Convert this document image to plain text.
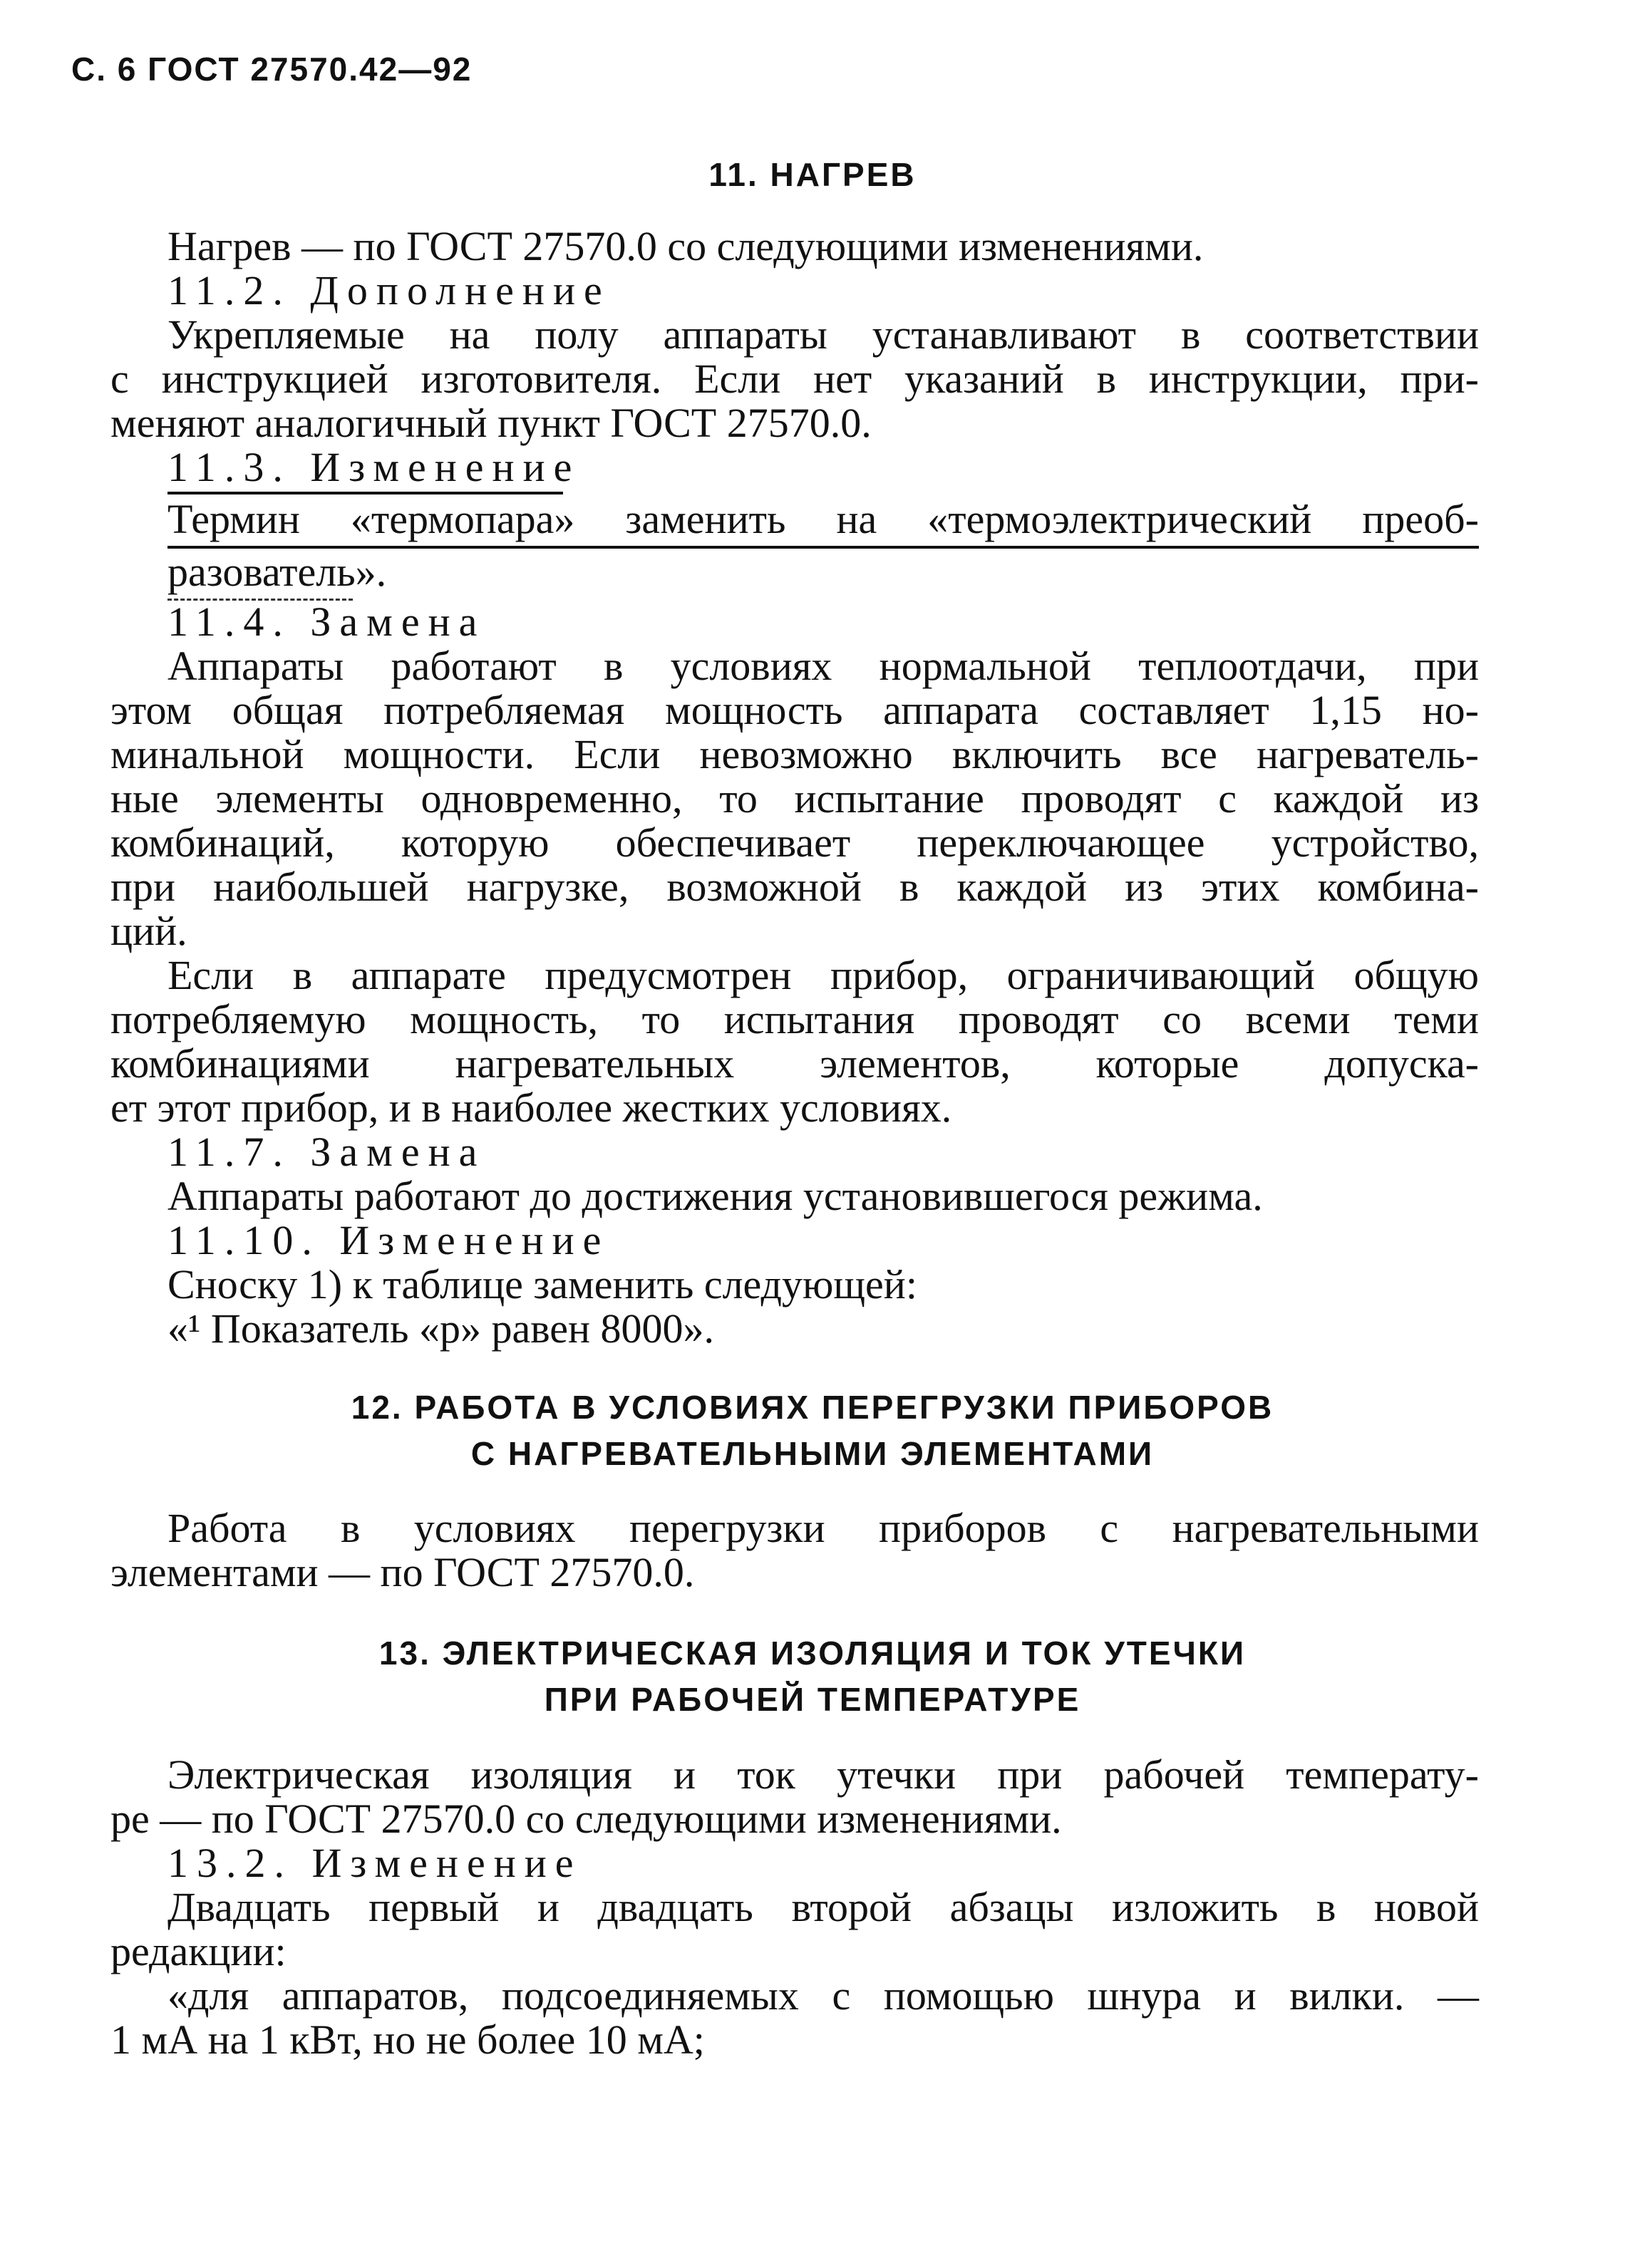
С. 6 ГОСТ 27570.42—92
11. НАГРЕВ
Нагрев — по ГОСТ 27570.0 со следующими изменениями.
11.2. Дополнение
Укрепляемые на полу аппараты устанавливают в соответствии
с инструкцией изготовителя. Если нет указаний в инструкции, при-
меняют аналогичный пункт ГОСТ 27570.0.
11.3. Изменение
Термин «термопара» заменить на «термоэлектрический преоб-
разователь».
11.4. Замена
Аппараты работают в условиях нормальной теплоотдачи, при
этом общая потребляемая мощность аппарата составляет 1,15 но-
минальной мощности. Если невозможно включить все нагреватель-
ные элементы одновременно, то испытание проводят с каждой из
комбинаций, которую обеспечивает переключающее устройство,
при наибольшей нагрузке, возможной в каждой из этих комбина-
ций.
Если в аппарате предусмотрен прибор, ограничивающий общую
потребляемую мощность, то испытания проводят со всеми теми
комбинациями нагревательных элементов, которые допуска-
ет этот прибор, и в наиболее жестких условиях.
11.7. Замена
Аппараты работают до достижения установившегося режима.
11.10. Изменение
Сноску 1) к таблице заменить следующей:
«¹ Показатель «р» равен 8000».
12. РАБОТА В УСЛОВИЯХ ПЕРЕГРУЗКИ ПРИБОРОВ
С НАГРЕВАТЕЛЬНЫМИ ЭЛЕМЕНТАМИ
Работа в условиях перегрузки приборов с нагревательными
элементами — по ГОСТ 27570.0.
13. ЭЛЕКТРИЧЕСКАЯ ИЗОЛЯЦИЯ И ТОК УТЕЧКИ
ПРИ РАБОЧЕЙ ТЕМПЕРАТУРЕ
Электрическая изоляция и ток утечки при рабочей температу-
ре — по ГОСТ 27570.0 со следующими изменениями.
13.2. Изменение
Двадцать первый и двадцать второй абзацы изложить в новой
редакции:
«для аппаратов, подсоединяемых с помощью шнура и вилки. —
1 мА на 1 кВт, но не более 10 мА;
